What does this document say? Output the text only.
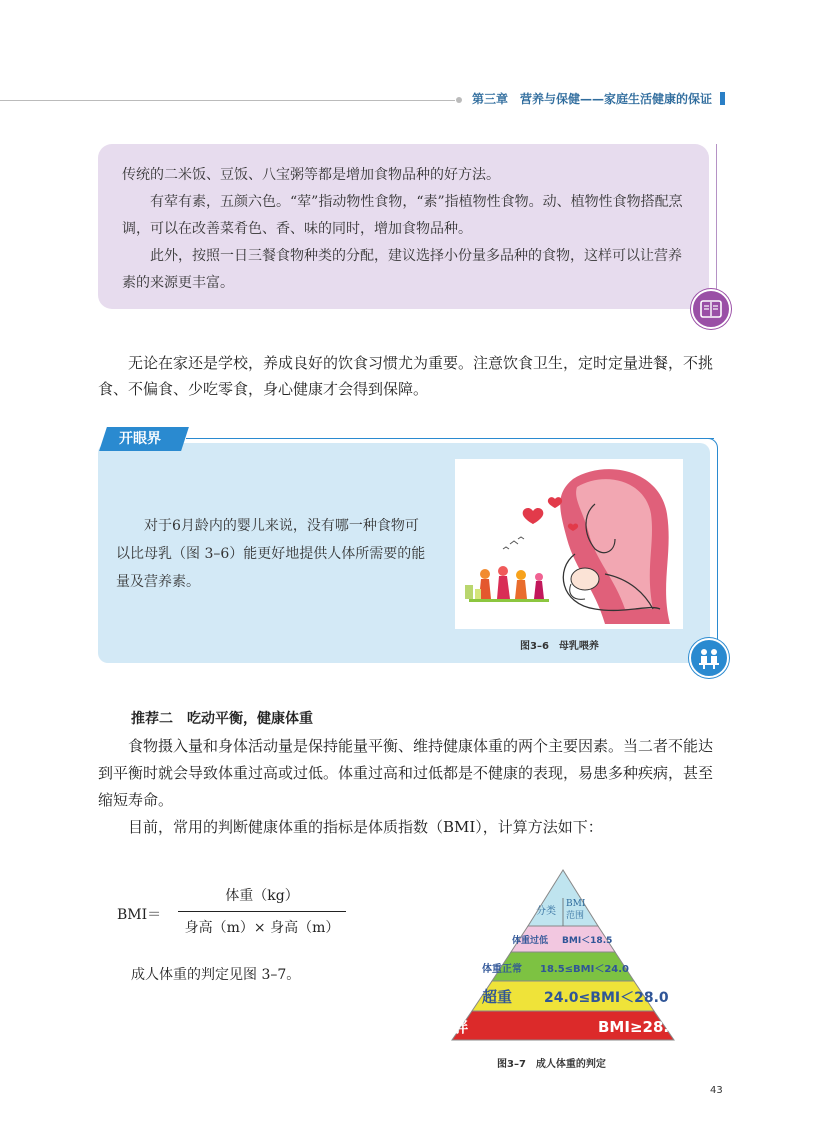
第三章　营养与保健——家庭生活健康的保证

传统的二米饭、豆饭、八宝粥等都是增加食物品种的好方法。

有荤有素，五颜六色。“荤”指动物性食物，“素”指植物性食物。动、植物性食物搭配烹调，可以在改善菜肴色、香、味的同时，增加食物品种。

此外，按照一日三餐食物种类的分配，建议选择小份量多品种的食物，这样可以让营养素的来源更丰富。

无论在家还是学校，养成良好的饮食习惯尤为重要。注意饮食卫生，定时定量进餐，不挑食、不偏食、少吃零食，身心健康才会得到保障。

开眼界

对于6月龄内的婴儿来说，没有哪一种食物可以比母乳（图 3–6）能更好地提供人体所需要的能量及营养素。

图3–6　母乳喂养
推荐二　吃动平衡，健康体重

食物摄入量和身体活动量是保持能量平衡、维持健康体重的两个主要因素。当二者不能达到平衡时就会导致体重过高或过低。体重过高和过低都是不健康的表现，易患多种疾病，甚至缩短寿命。

目前，常用的判断健康体重的指标是体质指数（BMI），计算方法如下：

BMI＝
体重（kg）
身高（m）× 身高（m）
成人体重的判定见图 3–7。
分类
BMI
范围
体重过低 BMI＜18.5
体重正常 18.5≤BMI＜24.0
超重 24.0≤BMI＜28.0
肥胖	BMI≥28.0
图3–7　成人体重的判定
43
